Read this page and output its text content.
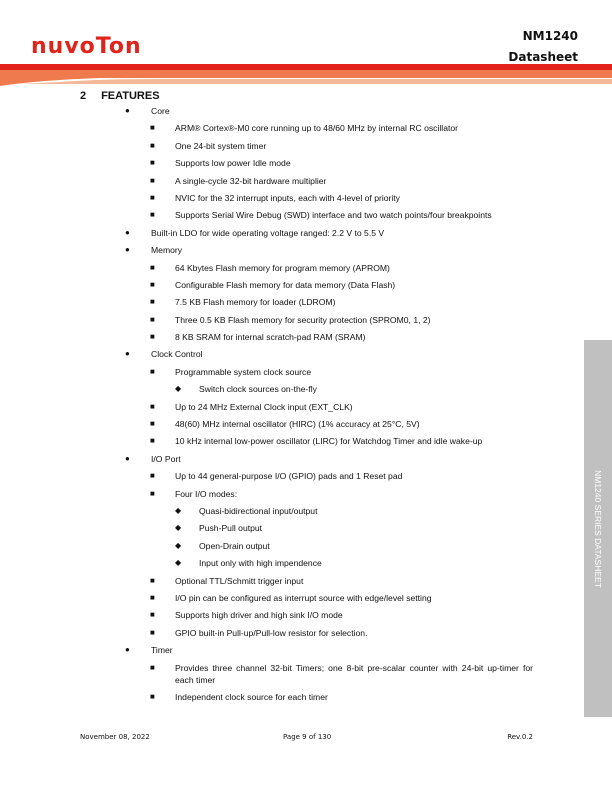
nuvoTon	NM1240
Datasheet
2 FEATURES
● Core
■ ARM® Cortex®-M0 core running up to 48/60 MHz by internal RC oscillator
■ One 24-bit system timer
■ Supports low power Idle mode
■ A single-cycle 32-bit hardware multiplier
■ NVIC for the 32 interrupt inputs, each with 4-level of priority
■ Supports Serial Wire Debug (SWD) interface and two watch points/four breakpoints
● Built-in LDO for wide operating voltage ranged: 2.2 V to 5.5 V
● Memory
■ 64 Kbytes Flash memory for program memory (APROM)
■ Configurable Flash memory for data memory (Data Flash)
■ 7.5 KB Flash memory for loader (LDROM)
■ Three 0.5 KB Flash memory for security protection (SPROM0, 1, 2)
■ 8 KB SRAM for internal scratch-pad RAM (SRAM)
● Clock Control
■ Programmable system clock source
◆ Switch clock sources on-the-fly
■ Up to 24 MHz External Clock input (EXT_CLK)
■ 48(60) MHz internal oscillator (HIRC) (1% accuracy at 25°C, 5V)
■ 10 kHz internal low-power oscillator (LIRC) for Watchdog Timer and idle wake-up
● I/O Port
■ Up to 44 general-purpose I/O (GPIO) pads and 1 Reset pad
■ Four I/O modes:
◆ Quasi-bidirectional input/output
◆ Push-Pull output
◆ Open-Drain output
◆ Input only with high impendence
■ Optional TTL/Schmitt trigger input
■ I/O pin can be configured as interrupt source with edge/level setting
■ Supports high driver and high sink I/O mode
■ GPIO built-in Pull-up/Pull-low resistor for selection.
● Timer
■ Provides three channel 32-bit Timers; one 8-bit pre-scalar counter with 24-bit up-timer for each timer
■ Independent clock source for each timer
NM1240 SERIES DATASHEET
November 08, 2022	Page 9 of 130	Rev.0.2
